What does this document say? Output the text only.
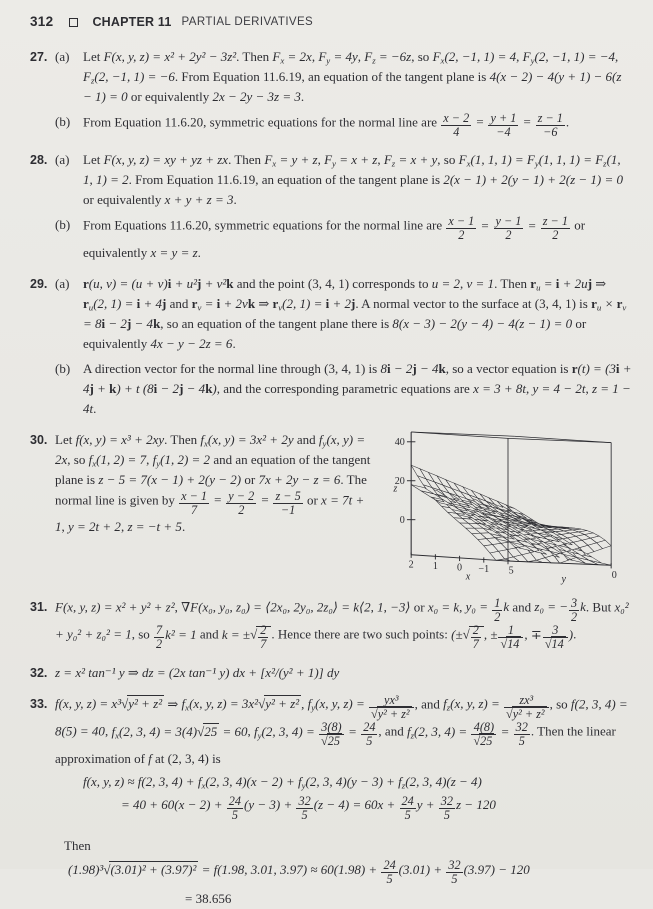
312	CHAPTER 11 PARTIAL DERIVATIVES
27. (a)	Let F(x, y, z) = x² + 2y² − 3z². Then $F_x = 2x$, $F_y = 4y$, $F_z = -6z$, so $F_x(2$, −1, 1) = 4, $F_y(2$, −1, 1) = −4, $F_z(2$, −1, 1) = −6. From Equation 11.6.19, an equation of the tangent plane is 4(x − 2) − 4(y + 1) − 6(z − 1) = 0 or equivalently 2x − 2y − 3z = 3.
(b) From Equation 11.6.20, symmetric equations for the normal line are $\frac{x - 2}{4} = \frac{y + 1}{-4} = \frac{z - 1}{-6}$ .
28. (a)	Let F(x, y, z) = xy + yz + zx. Then $F_x = y + z$, $F_y = x + z$, $F_z = x + y$, so $F_x(1$, 1, $1) = F_y(1$, 1, $1) = F_z(1$, 1, 1) = 2. From Equation 11.6.19, an equation of the tangent plane is 2(x − 1) + 2(y − 1) + 2(z − 1) = 0 or equivalently x + y + z = 3.
(b) From Equations 11.6.20, symmetric equations for the normal line are $\frac{x - 1}{2} = \frac{y - 1}{2} = \frac{z - 1}{2}$ or equivalently x = y = z.
29. (a)	r(u, v) = (u + v)i + u²j + v²k and the point (3, 4, 1) corresponds to u = 2, v = 1. Then $r_u = i + 2uj$ ⇒ $r_u(2$, 1) = i + 4j and $r_v = i + 2vk$ ⇒ $r_v(2$, 1) = i + 2j. A normal vector to the surface at (3, 4, 1) is $r_u \times r_v = 8i - 2j - 4k$, so an equation of the tangent plane there is 8(x − 3) − 2(y − 4) − 4(z − 1) = 0 or equivalently 4x − y − 2z = 6.
(b) A direction vector for the normal line through (3, 4, 1) is 8i − 2j − 4k, so a vector equation is r(t) = (3i + 4j + k) + t (8i − 2j − 4k), and the corresponding parametric equations are x = 3 + 8t, y = 4 − 2t, z = 1 − 4t.
30. Let f(x, y) = x³ + 2xy. Then $f_x(x$, y) = 3x² + 2y and $f_y(x$, y) = 2x, so $f_x(1$, 2) = 7, $f_y(1$, 2) = 2 and an equation of the tangent plane is z − 5 = 7(x − 1) + 2(y − 2) or 7x + 2y − z = 6. The normal line is given by $\frac{x - 1}{7} = \frac{y - 2}{2} = \frac{z - 5}{-1}$ or x = 7t + 1, y = 2t + 2, z = −t + 5.
40
20
0
2 1 0 −1 5	0
z
x	y
31. F(x, y, z) = x² + y² + z², ∇F(x₀, y₀, z₀) = ⟨2x₀, 2y₀, 2z₀⟩ = k⟨2, 1, −3⟩ or x₀ = k, $y_0 = \frac{1}{2}$ k and z₀ = − $\frac{3}{2} k$. But x₀² + y₀² + z₀² = 1, so $\frac{7}{2} k^2 = 1$ and k = ±√ $\frac{2}{7}$ . Hence there are two such points: (±√ $\frac{2}{7}$ , ± $\frac{1}{√14}$ , ∓ $\frac{3}{√14}$ ).
32. z = x² tan⁻¹ y ⇒ dz = (2x tan⁻¹ y) dx + [x²/(y² + 1)] dy
33. f(x, y, z) = x³√y² + z² ⇒ $f_x(x$, y, z) = 3x²√y² + z² , $f_y(x$, y, $z) = \frac{\text{yx³}}{\text{√y² + z²}}$ , and $f_z(x$, y, $z) = \frac{\text{zx³}}{\text{√y² + z²}}$ , so f(2, 3, 4) = 8(5) = 40, $f_x(2$, 3, 4) = 3(4)√25 = 60, $f_y(2$, 3, $4) = \frac{3(8)}{√25} = \frac{24}{5}$ , and $f_z(2$, 3, $4) = \frac{4(8)}{√25} = \frac{32}{5}$ . Then the linear approximation of f at (2, 3, 4) is
f(x, y, z) ≈ f(2, 3, $4) + f_x(2$, 3, $4)(x - 2) + f_y(2$, 3, $4)(y - 3) + f_z(2$, 3, 4)(z − 4)
= $40 + 60(x - 2) + \frac{24}{5} (y - 3) + \frac{32}{5} (z - 4) = 60x + \frac{24}{5}$ $y + \frac{32}{5}$ z − 120
Then
(1.98)³√(3.01)² + (3.97)² = f(1.98, 3.01, $3.97) \approx 60(1.98) + \frac{24}{5} (3.01) + \frac{32}{5} (3.97) - 120$
= 38.656
